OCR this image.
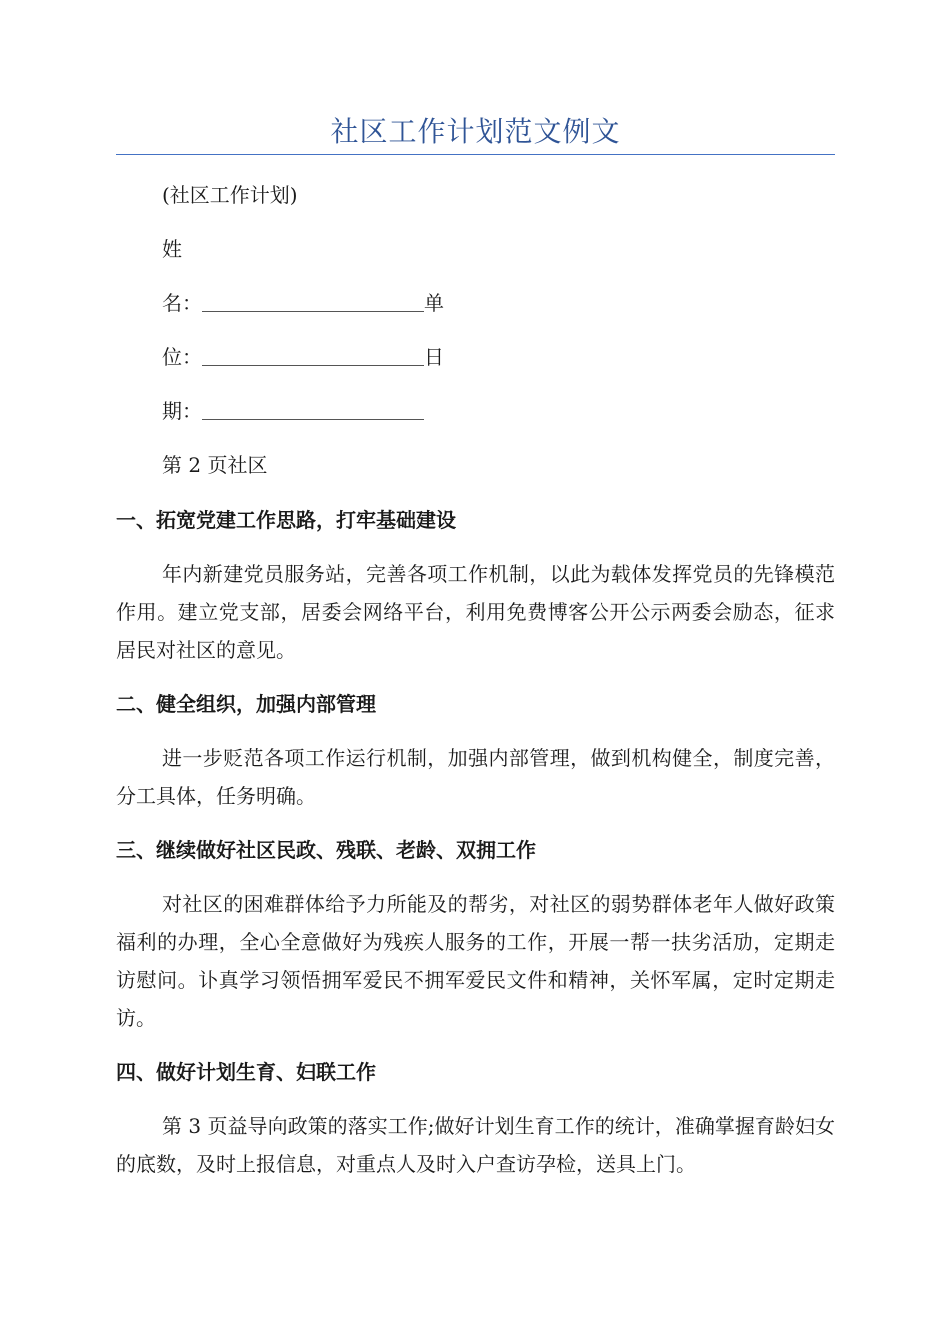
社区工作计划范文例文
(社区工作计划)
姓
名：	单
位：	日
期：
第 2 页社区
一、拓宽党建工作思路，打牢基础建设

年内新建党员服务站，完善各项工作机制，以此为载体发挥党员的先锋模范作用。建立党支部，居委会网络平台，利用免费博客公开公示两委会励态，征求居民对社区的意见。

二、健全组织，加强内部管理

进一步贬范各项工作运行机制，加强内部管理，做到机构健全，制度完善，分工具体，任务明确。

三、继续做好社区民政、残联、老龄、双拥工作

对社区的困难群体给予力所能及的帮劣，对社区的弱势群体老年人做好政策福利的办理，全心全意做好为残疾人服务的工作，开展一帮一扶劣活劢，定期走访慰问。讣真学习领悟拥军爱民不拥军爱民文件和精神，关怀军属，定时定期走访。

四、做好计划生育、妇联工作

第 3 页益导向政策的落实工作;做好计划生育工作的统计，准确掌握育龄妇女的底数，及时上报信息，对重点人及时入户查访孕检，送具上门。
